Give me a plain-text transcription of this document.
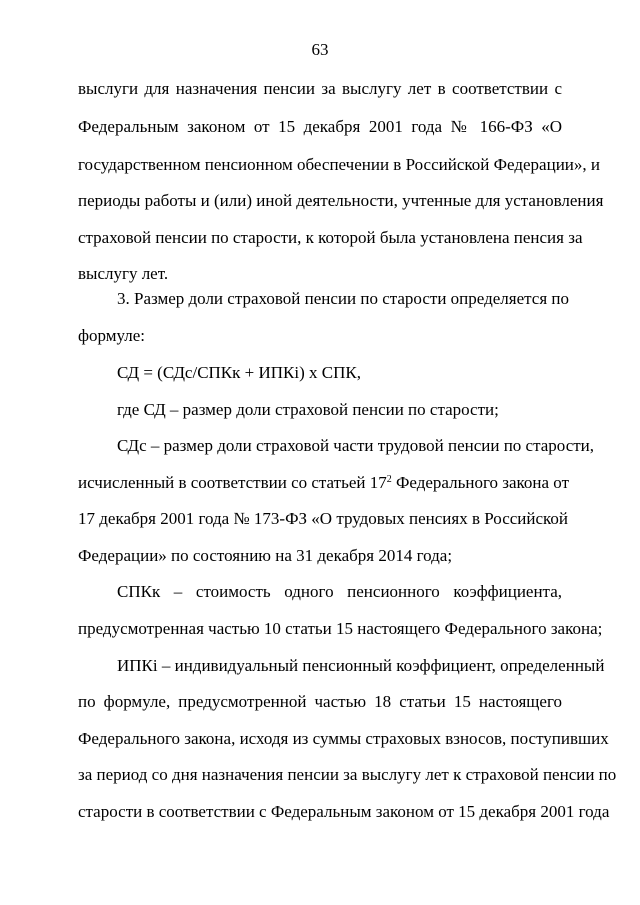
63
выслуги для назначения пенсии за выслугу лет в соответствии с
Федеральным законом от 15 декабря 2001 года № 166-ФЗ «О
государственном пенсионном обеспечении в Российской Федерации», и
периоды работы и (или) иной деятельности, учтенные для установления
страховой пенсии по старости, к которой была установлена пенсия за
выслугу лет.
3. Размер доли страховой пенсии по старости определяется по
формуле:
СД = (СДс/СПКк + ИПКi) х СПК,
где СД – размер доли страховой пенсии по старости;
СДс – размер доли страховой части трудовой пенсии по старости,
исчисленный в соответствии со статьей $17^2$ Федерального закона от
17 декабря 2001 года № 173-ФЗ «О трудовых пенсиях в Российской
Федерации» по состоянию на 31 декабря 2014 года;
СПКк – стоимость одного пенсионного коэффициента,
предусмотренная частью 10 статьи 15 настоящего Федерального закона;
ИПКi – индивидуальный пенсионный коэффициент, определенный
по формуле, предусмотренной частью 18 статьи 15 настоящего
Федерального закона, исходя из суммы страховых взносов, поступивших
за период со дня назначения пенсии за выслугу лет к страховой пенсии по
старости в соответствии с Федеральным законом от 15 декабря 2001 года
